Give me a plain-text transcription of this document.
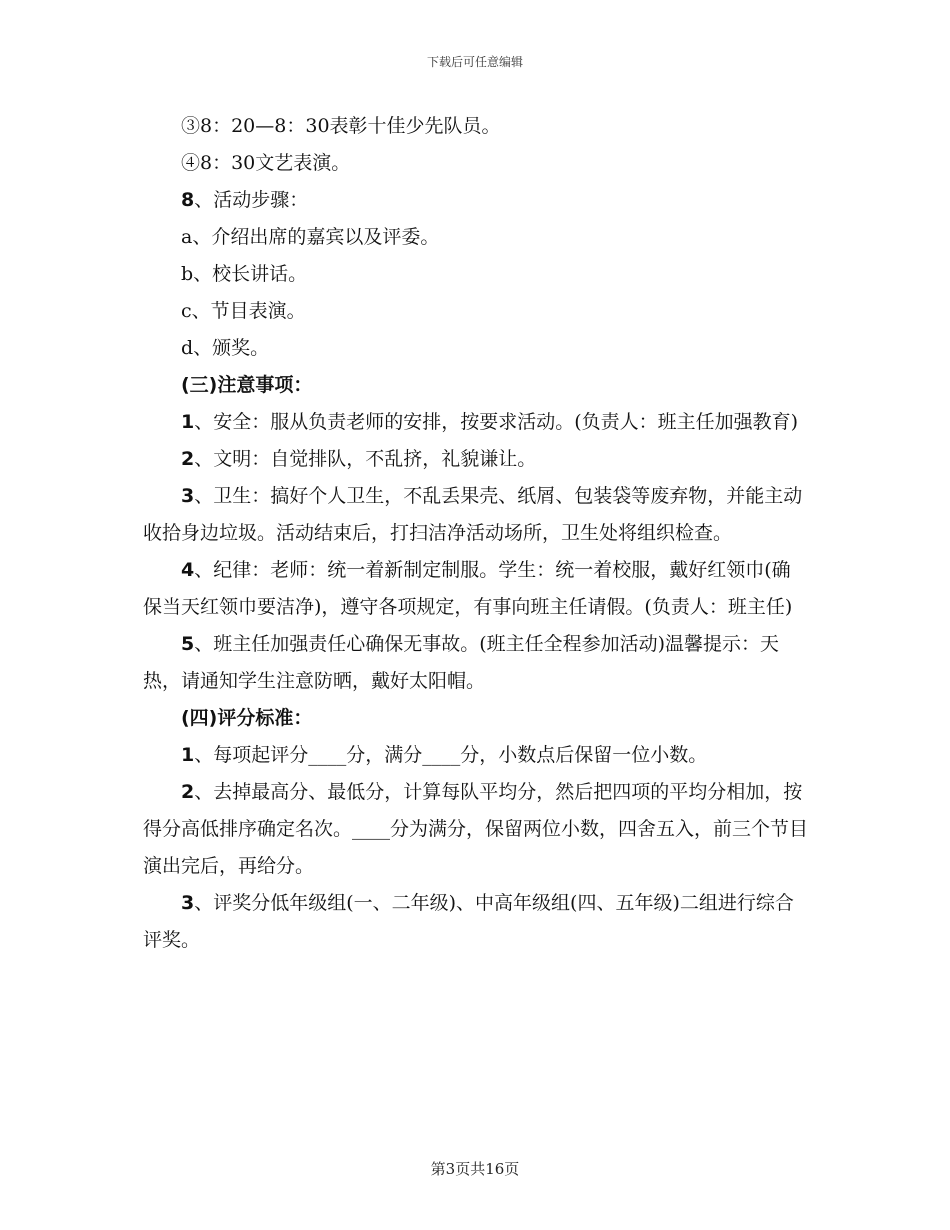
下载后可任意编辑

③8：20—8：30表彰十佳少先队员。

④8：30文艺表演。

8、活动步骤：

a、介绍出席的嘉宾以及评委。

b、校长讲话。

c、节目表演。

d、颁奖。

(三)注意事项：

1、安全：服从负责老师的安排，按要求活动。(负责人：班主任加强教育)

2、文明：自觉排队，不乱挤，礼貌谦让。

3、卫生：搞好个人卫生，不乱丢果壳、纸屑、包装袋等废弃物，并能主动收拾身边垃圾。活动结束后，打扫洁净活动场所，卫生处将组织检查。

4、纪律：老师：统一着新制定制服。学生：统一着校服，戴好红领巾(确保当天红领巾要洁净)，遵守各项规定，有事向班主任请假。(负责人：班主任)

5、班主任加强责任心确保无事故。(班主任全程参加活动)温馨提示：天热，请通知学生注意防晒，戴好太阳帽。

(四)评分标准：

1、每项起评分____分，满分____分，小数点后保留一位小数。

2、去掉最高分、最低分，计算每队平均分，然后把四项的平均分相加，按得分高低排序确定名次。____分为满分，保留两位小数，四舍五入，前三个节目演出完后，再给分。

3、评奖分低年级组(一、二年级)、中高年级组(四、五年级)二组进行综合评奖。

第3页共16页
